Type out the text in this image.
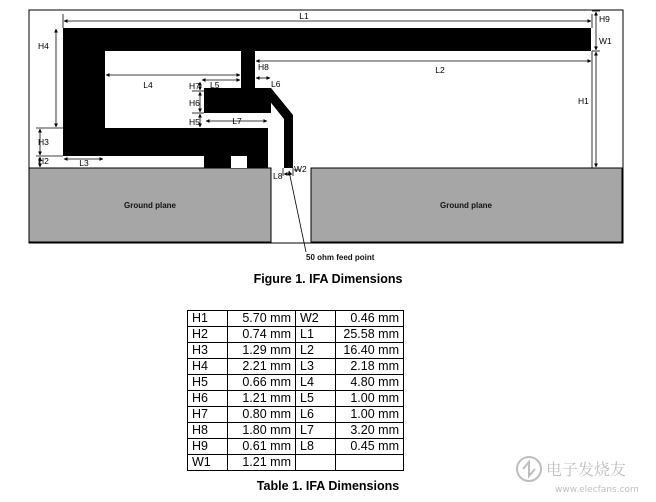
Ground plane	Ground plane
L1	H9
W1
H1
L2
H4
H8
L6
L4	L5
H7
H6
H5	L7
H3
H2	L3
W2
L8
50 ohm feed point
Figure 1. IFA Dimensions
H1	5.70 mm	W2	0.46 mm
H2	0.74 mm	L1	25.58 mm
H3	1.29 mm	L2	16.40 mm
H4	2.21 mm	L3	2.18 mm
H5	0.66 mm	L4	4.80 mm
H6	1.21 mm	L5	1.00 mm
H7	0.80 mm	L6	1.00 mm
H8	1.80 mm	L7	3.20 mm
H9	0.61 mm	L8	0.45 mm
W1	1.21 mm		
Table 1. IFA Dimensions
电子发烧友
www.elecfans.com
